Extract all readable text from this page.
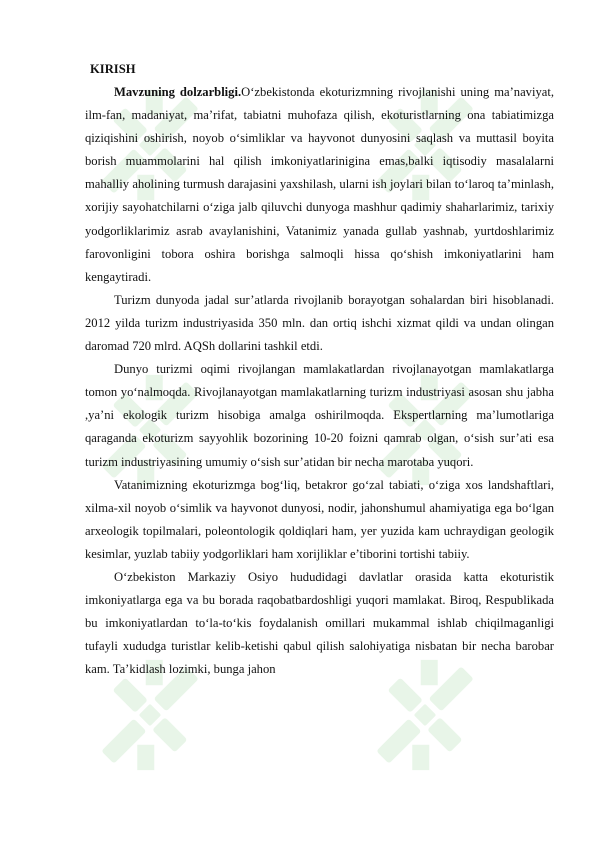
KIRISH

Mavzuning dolzarbligi.O‘zbekistonda ekoturizmning rivojlanishi uning ma’naviyat, ilm-fan, madaniyat, ma’rifat, tabiatni muhofaza qilish, ekoturistlarning ona tabiatimizga qiziqishini oshirish, noyob o‘simliklar va hayvonot dunyosini saqlash va muttasil boyita borish muammolarini hal qilish imkoniyatlarinigina emas,balki iqtisodiy masalalarni mahalliy aholining turmush darajasini yaxshilash, ularni ish joylari bilan to‘laroq ta’minlash, xorijiy sayohatchilarni o‘ziga jalb qiluvchi dunyoga mashhur qadimiy shaharlarimiz, tarixiy yodgorliklarimiz asrab avaylanishini, Vatanimiz yanada gullab yashnab, yurtdoshlarimiz farovonligini tobora oshira borishga salmoqli hissa qo‘shish imkoniyatlarini ham kengaytiradi.

Turizm dunyoda jadal sur’atlarda rivojlanib borayotgan sohalardan biri hisoblanadi. 2012 yilda turizm industriyasida 350 mln. dan ortiq ishchi xizmat qildi va undan olingan daromad 720 mlrd. AQSh dollarini tashkil etdi.

Dunyo turizmi oqimi rivojlangan mamlakatlardan rivojlanayotgan mamlakatlarga tomon yo‘nalmoqda. Rivojlanayotgan mamlakatlarning turizm industriyasi asosan shu jabha ,ya’ni ekologik turizm hisobiga amalga oshirilmoqda. Ekspertlarning ma’lumotlariga qaraganda ekoturizm sayyohlik bozorining 10-20 foizni qamrab olgan, o‘sish sur’ati esa turizm industriyasining umumiy o‘sish sur’atidan bir necha marotaba yuqori.

Vatanimizning ekoturizmga bog‘liq, betakror go‘zal tabiati, o‘ziga xos landshaftlari, xilma-xil noyob o‘simlik va hayvonot dunyosi, nodir, jahonshumul ahamiyatiga ega bo‘lgan arxeologik topilmalari, poleontologik qoldiqlari ham, yer yuzida kam uchraydigan geologik kesimlar, yuzlab tabiiy yodgorliklari ham xorijliklar e’tiborini tortishi tabiiy.

O‘zbekiston Markaziy Osiyo hududidagi davlatlar orasida katta ekoturistik imkoniyatlarga ega va bu borada raqobatbardoshligi yuqori mamlakat. Biroq, Respublikada bu imkoniyatlardan to‘la-to‘kis foydalanish omillari mukammal ishlab chiqilmaganligi tufayli xududga turistlar kelib-ketishi qabul qilish salohiyatiga nisbatan bir necha barobar kam. Ta’kidlash lozimki, bunga jahon
